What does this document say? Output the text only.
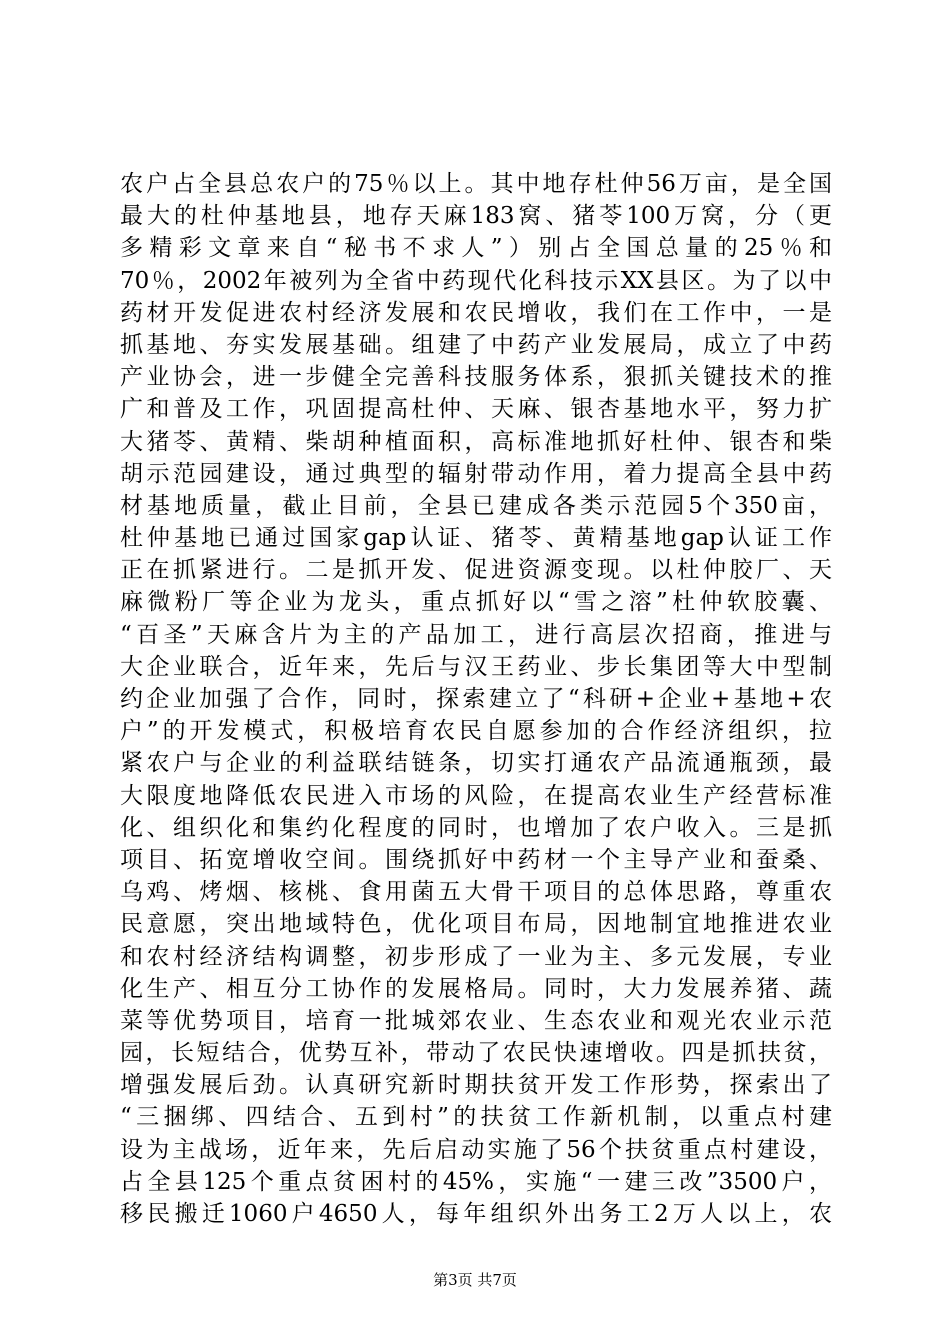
农户占全县总农户的75％以上。其中地存杜仲56万亩，是全国
最大的杜仲基地县，地存天麻183窝、猪苓100万窝，分（更
多精彩文章来自“秘书不求人”）别占全国总量的25％和
70％，2002年被列为全省中药现代化科技示XX县区。为了以中
药材开发促进农村经济发展和农民增收，我们在工作中，一是
抓基地、夯实发展基础。组建了中药产业发展局，成立了中药
产业协会，进一步健全完善科技服务体系，狠抓关键技术的推
广和普及工作，巩固提高杜仲、天麻、银杏基地水平，努力扩
大猪苓、黄精、柴胡种植面积，高标准地抓好杜仲、银杏和柴
胡示范园建设，通过典型的辐射带动作用，着力提高全县中药
材基地质量，截止目前，全县已建成各类示范园5个350亩，
杜仲基地已通过国家gap认证、猪苓、黄精基地gap认证工作
正在抓紧进行。二是抓开发、促进资源变现。以杜仲胶厂、天
麻微粉厂等企业为龙头，重点抓好以“雪之溶”杜仲软胶囊、
“百圣”天麻含片为主的产品加工，进行高层次招商，推进与
大企业联合，近年来，先后与汉王药业、步长集团等大中型制
约企业加强了合作，同时，探索建立了“科研+企业+基地+农
户”的开发模式，积极培育农民自愿参加的合作经济组织，拉
紧农户与企业的利益联结链条，切实打通农产品流通瓶颈，最
大限度地降低农民进入市场的风险，在提高农业生产经营标准
化、组织化和集约化程度的同时，也增加了农户收入。三是抓
项目、拓宽增收空间。围绕抓好中药材一个主导产业和蚕桑、
乌鸡、烤烟、核桃、食用菌五大骨干项目的总体思路，尊重农
民意愿，突出地域特色，优化项目布局，因地制宜地推进农业
和农村经济结构调整，初步形成了一业为主、多元发展，专业
化生产、相互分工协作的发展格局。同时，大力发展养猪、蔬
菜等优势项目，培育一批城郊农业、生态农业和观光农业示范
园，长短结合，优势互补，带动了农民快速增收。四是抓扶贫，
增强发展后劲。认真研究新时期扶贫开发工作形势，探索出了
“三捆绑、四结合、五到村”的扶贫工作新机制，以重点村建
设为主战场，近年来，先后启动实施了56个扶贫重点村建设，
占全县125个重点贫困村的45%，实施“一建三改”3500户，
移民搬迁1060户4650人，每年组织外出务工2万人以上，农
第3页 共7页
